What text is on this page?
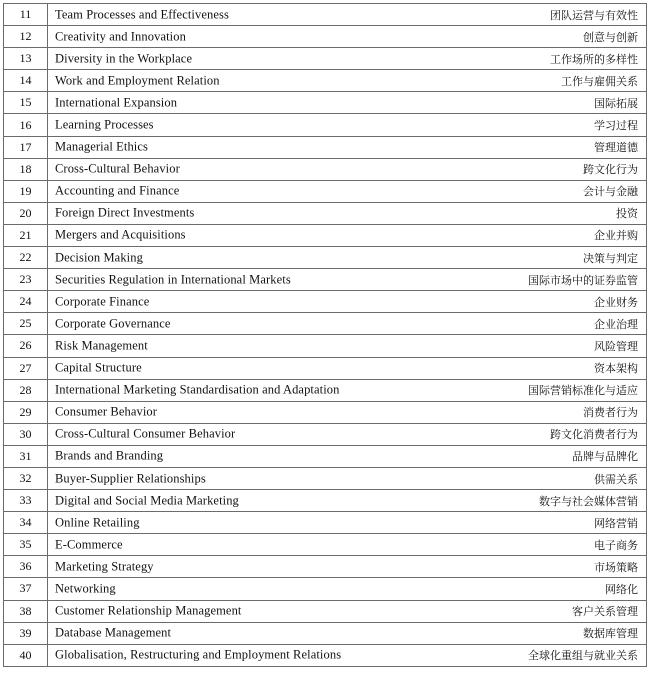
11	Team Processes and Effectiveness 团队运营与有效性

12	Creativity and Innovation 创意与创新

13	Diversity in the Workplace 工作场所的多样性

14	Work and Employment Relation 工作与雇佣关系

15	International Expansion 国际拓展

16	Learning Processes 学习过程

17	Managerial Ethics 管理道德

18	Cross-Cultural Behavior 跨文化行为

19	Accounting and Finance 会计与金融

20	Foreign Direct Investments 投资

21	Mergers and Acquisitions 企业并购

22	Decision Making 决策与判定

23	Securities Regulation in International Markets 国际市场中的证券监管

24	Corporate Finance 企业财务

25	Corporate Governance 企业治理

26	Risk Management 风险管理

27	Capital Structure 资本架构

28	International Marketing Standardisation and Adaptation 国际营销标准化与适应

29	Consumer Behavior 消费者行为

30	Cross-Cultural Consumer Behavior 跨文化消费者行为

31	Brands and Branding 品牌与品牌化

32	Buyer-Supplier Relationships 供需关系

33	Digital and Social Media Marketing 数字与社会媒体营销

34	Online Retailing 网络营销

35	E-Commerce 电子商务

36	Marketing Strategy 市场策略

37	Networking 网络化

38	Customer Relationship Management 客户关系管理

39	Database Management 数据库管理

40	Globalisation, Restructuring and Employment Relations 全球化重组与就业关系
